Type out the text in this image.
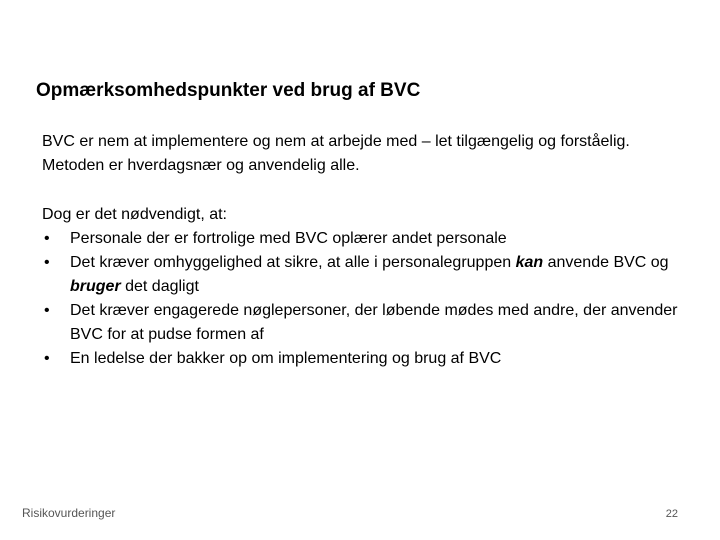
Opmærksomhedspunkter ved brug af BVC

BVC er nem at implementere og nem at arbejde med – let tilgængelig og forståelig. Metoden er hverdagsnær og anvendelig alle.

Dog er det nødvendigt, at:

•	Personale der er fortrolige med BVC oplærer andet personale
•	Det kræver omhyggelighed at sikre, at alle i personalegruppen kan anvende BVC og bruger det dagligt
•	Det kræver engagerede nøglepersoner, der løbende mødes med andre, der anvender BVC for at pudse formen af
•	En ledelse der bakker op om implementering og brug af BVC
Risikovurderinger	22
